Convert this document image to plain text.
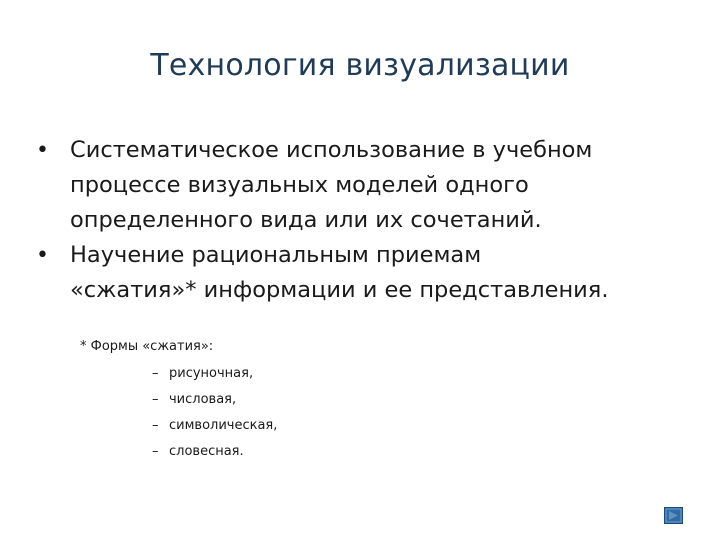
Технология визуализации
• Систематическое использование в учебном
процессе визуальных моделей одного
определенного вида или их сочетаний.
• Научение рациональным приемам
«сжатия»* информации и ее представления.
* Формы «сжатия»:
– рисуночная,
– числовая,
– символическая,
– словесная.
